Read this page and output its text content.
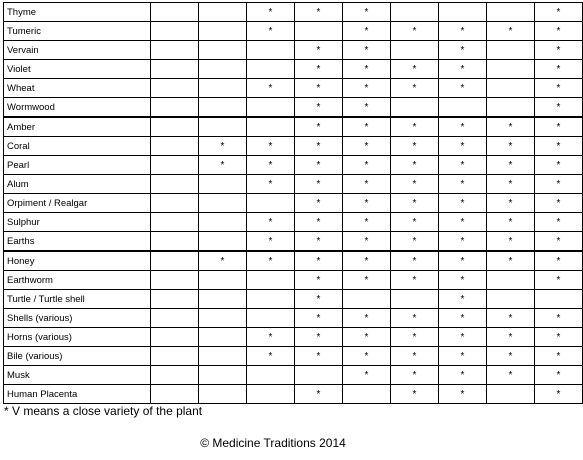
Thyme			*	*	*				*
Tumeric			*		*	*	*	*	*
Vervain				*	*		*		*
Violet				*	*	*	*		*
Wheat			*	*	*	*	*		*
Wormwood				*	*				*
Amber				*	*	*	*	*	*
Coral		*	*	*	*	*	*	*	*
Pearl		*	*	*	*	*	*	*	*
Alum			*	*	*	*	*	*	*
Orpiment / Realgar				*	*	*	*	*	*
Sulphur			*	*	*	*	*	*	*
Earths			*	*	*	*	*	*	*
Honey		*	*	*	*	*	*	*	*
Earthworm				*	*	*	*		*
Turtle / Turtle shell				*			*		
Shells (various)				*	*	*	*	*	*
Horns (various)			*	*	*	*	*	*	*
Bile (various)			*	*	*	*	*	*	*
Musk					*	*	*	*	*
Human Placenta				*		*	*		*
* V means a close variety of the plant
© Medicine Traditions 2014
